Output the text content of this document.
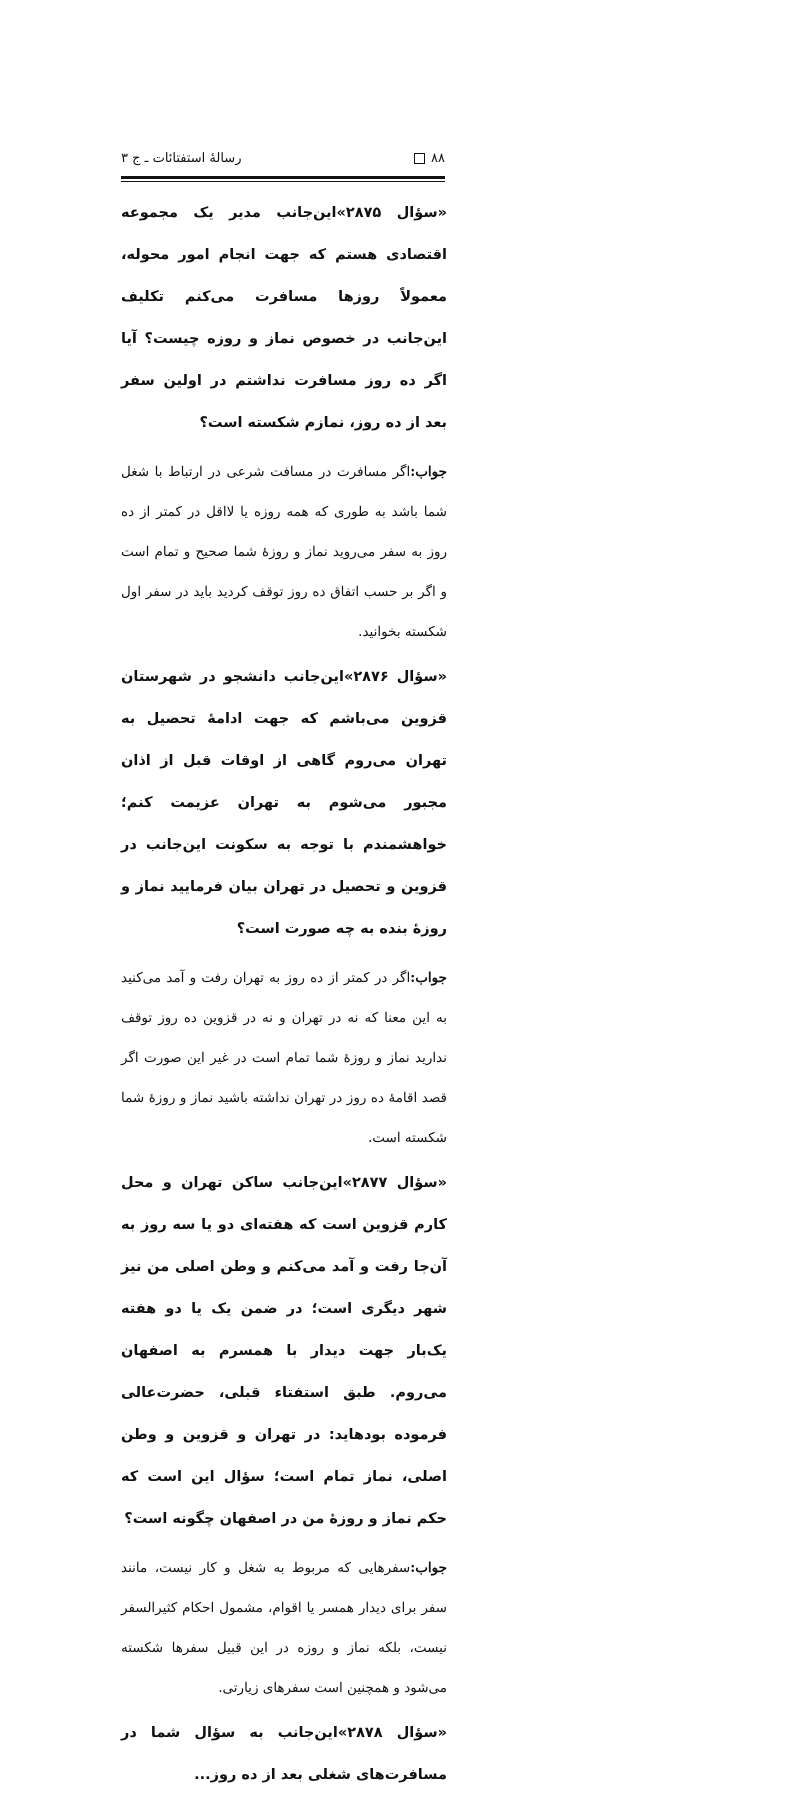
۸۸
رسالهٔ استفتائات ـ ج ۳

«سؤال ۲۸۷۵»این‌جانب مدیر یک مجموعه اقتصادی هستم که جهت انجام امور محوله، معمولاً روزها مسافرت می‌کنم تکلیف این‌جانب در خصوص نماز و روزه چیست؟ آیا اگر ده روز مسافرت نداشتم در اولین سفر بعد از ده روز، نمازم شکسته است؟

جواب:اگر مسافرت در مسافت شرعی در ارتباط با شغل شما باشد به طوری که همه روزه یا لااقل در کمتر از ده روز به سفر می‌روید نماز و روزهٔ شما صحیح و تمام است و اگر بر حسب اتفاق ده روز توقف کردید باید در سفر اول شکسته بخوانید.

«سؤال ۲۸۷۶»این‌جانب دانشجو در شهرستان قزوین می‌باشم که جهت ادامهٔ تحصیل به تهران می‌روم گاهی از اوقات قبل از اذان مجبور می‌شوم به تهران عزیمت کنم؛ خواهشمندم با توجه به سکونت این‌جانب در قزوین و تحصیل در تهران بیان فرمایید نماز و روزهٔ بنده به چه صورت است؟

جواب:اگر در کمتر از ده روز به تهران رفت و آمد می‌کنید به این معنا که نه در تهران و نه در قزوین ده روز توقف ندارید نماز و روزهٔ شما تمام است در غیر این صورت اگر قصد اقامهٔ ده روز در تهران نداشته باشید نماز و روزهٔ شما شکسته است.

«سؤال ۲۸۷۷»این‌جانب ساکن تهران و محل کارم قزوین است که هفته‌ای دو یا سه روز به آن‌جا رفت و آمد می‌کنم و وطن اصلی من نیز شهر دیگری است؛ در ضمن یک یا دو هفته یک‌بار جهت دیدار با همسرم به اصفهان می‌روم. طبق استفتاء قبلی، حضرت‌عالی فرموده بودهاید: در تهران و قزوین و وطن اصلی، نماز تمام است؛ سؤال این است که حکم نماز و روزهٔ من در اصفهان چگونه است؟

جواب:سفرهایی که مربوط به شغل و کار نیست، مانند سفر برای دیدار همسر یا اقوام، مشمول احکام کثیرالسفر نیست، بلکه نماز و روزه در این قبیل سفرها شکسته می‌شود و همچنین است سفرهای زیارتی.

«سؤال ۲۸۷۸»این‌جانب به سؤال شما در مسافرت‌های شغلی بعد از ده روز...
